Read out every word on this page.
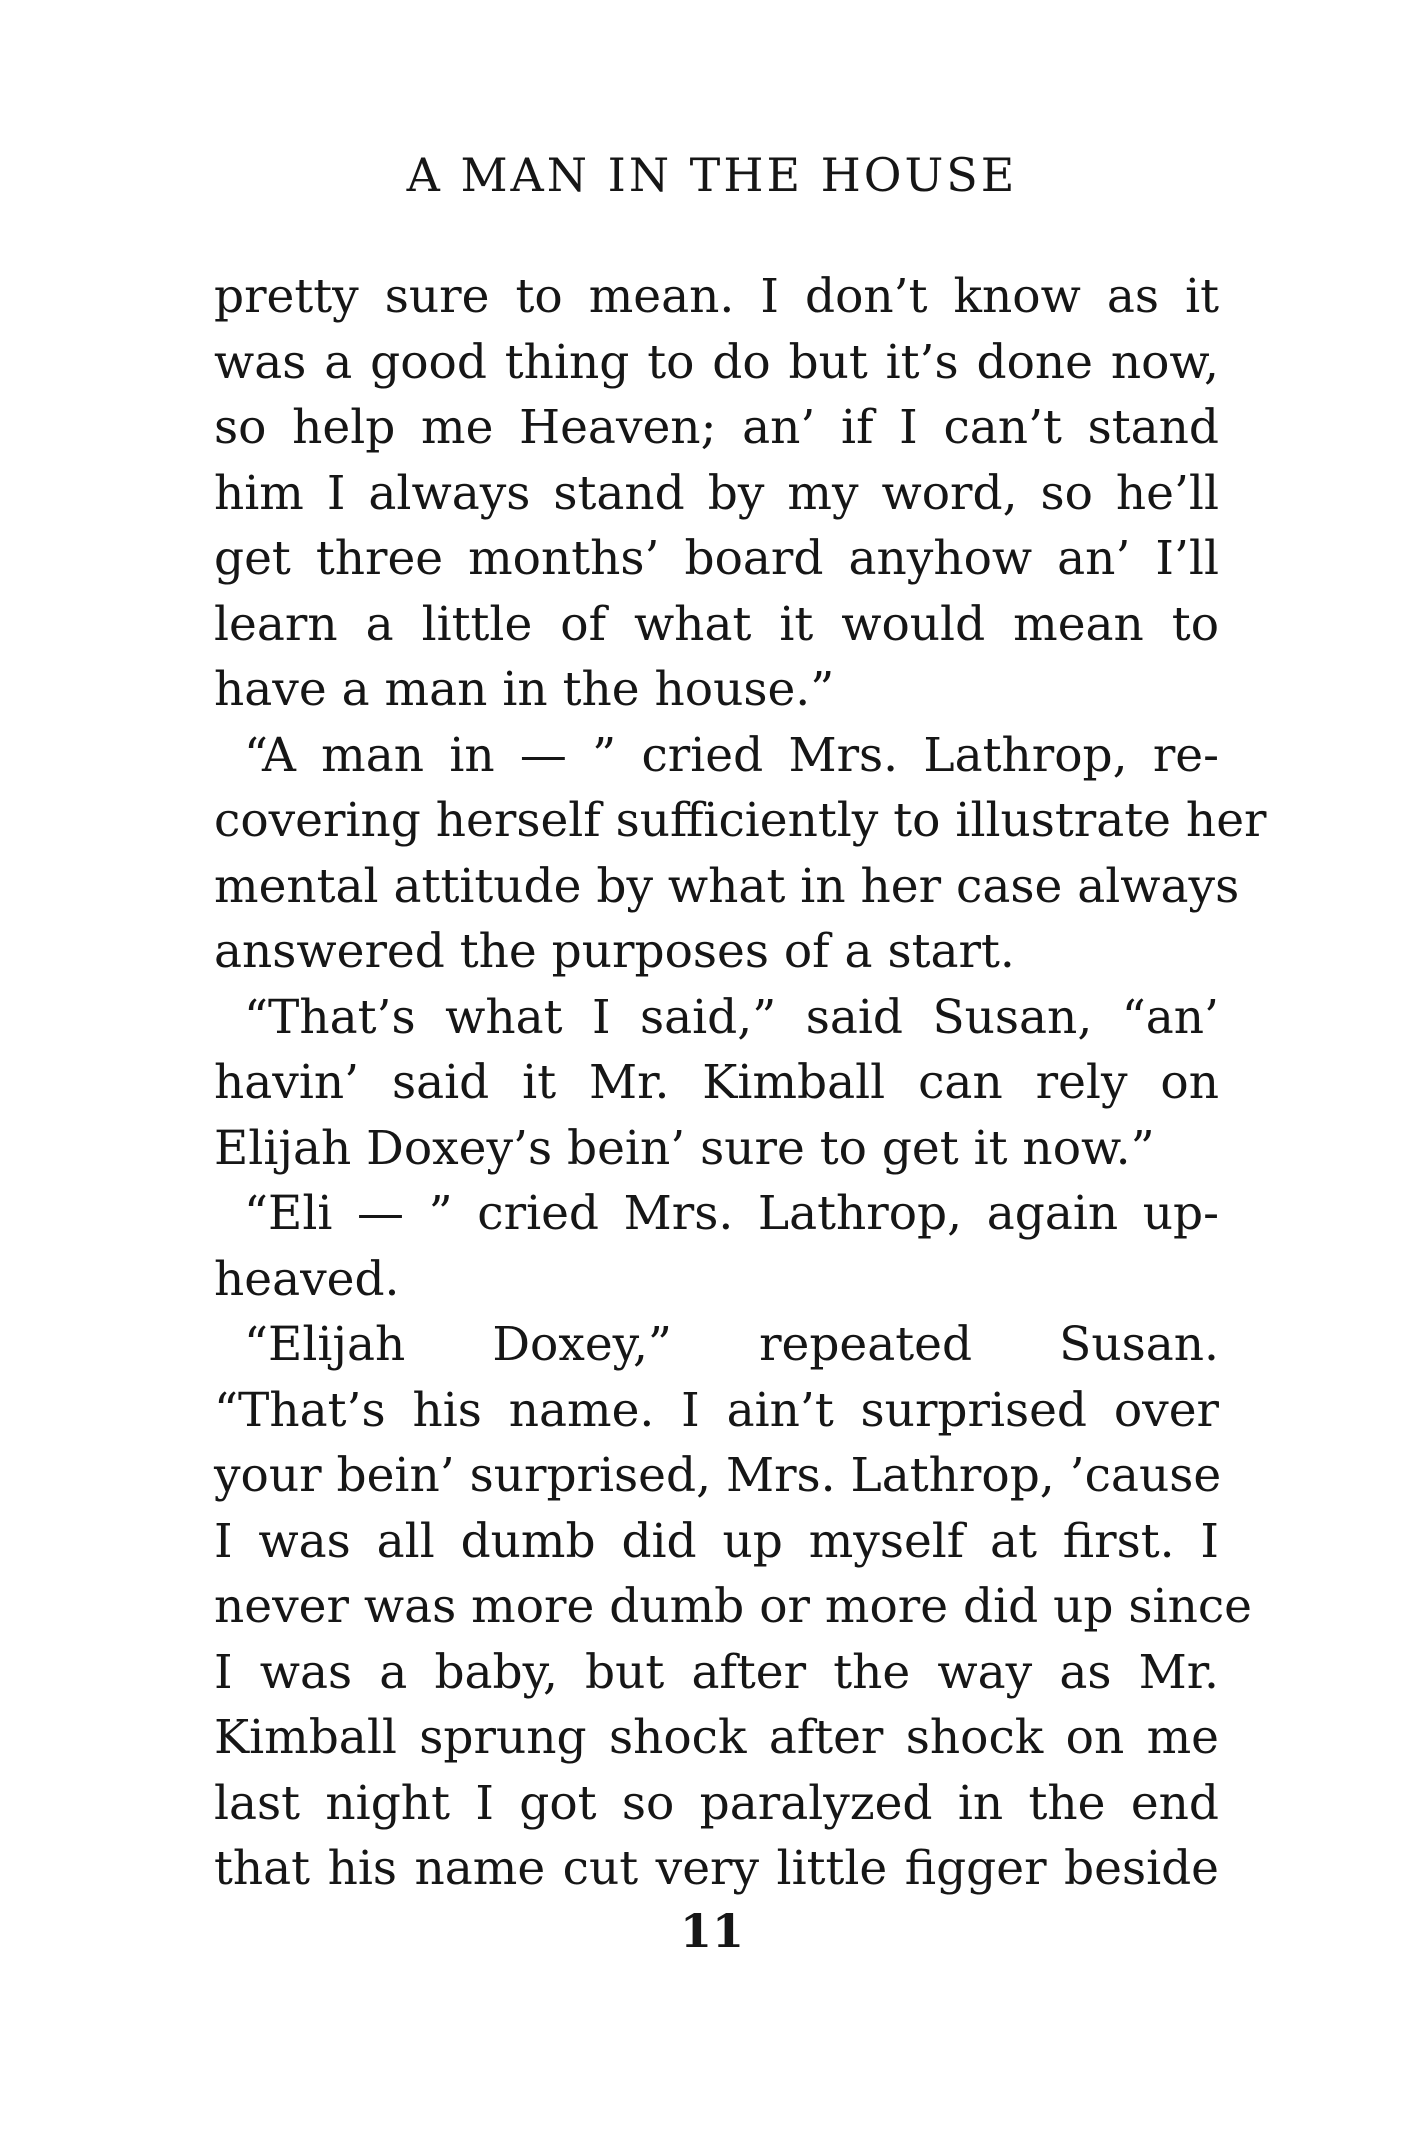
A MAN IN THE HOUSE
pretty sure to mean. I don’t know as it
was a good thing to do but it’s done now,
so help me Heaven; an’ if I can’t stand
him I always stand by my word, so he’ll
get three months’ board anyhow an’ I’ll
learn a little of what it would mean to
have a man in the house.”
“A man in — ” cried Mrs. Lathrop, re-
covering herself sufficiently to illustrate her
mental attitude by what in her case always
answered the purposes of a start.
“That’s what I said,” said Susan, “an’
havin’ said it Mr. Kimball can rely on
Elijah Doxey’s bein’ sure to get it now.”
“Eli — ” cried Mrs. Lathrop, again up-
heaved.
“Elijah Doxey,” repeated Susan.
“That’s his name. I ain’t surprised over
your bein’ surprised, Mrs. Lathrop, ’cause
I was all dumb did up myself at first. I
never was more dumb or more did up since
I was a baby, but after the way as Mr.
Kimball sprung shock after shock on me
last night I got so paralyzed in the end
that his name cut very little figger beside
11
